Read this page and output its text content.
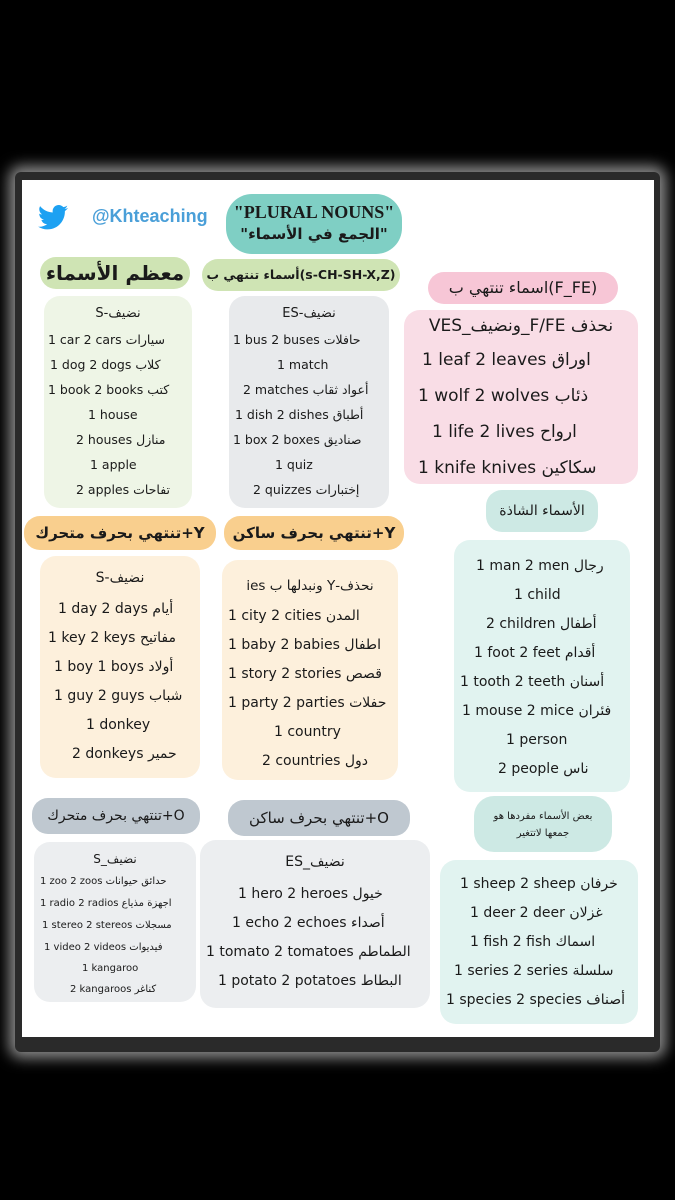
@Khteaching	"PLURAL NOUNS"
"الجمع في الأسماء"
معظم الأسماء
نضيف-S
1 car 2 cars سيارات
1 dog 2 dogs كلاب
1 book 2 books كتب
1 house
2 houses منازل
1 apple
2 apples تفاحات
أسماء تنتهي ب(s-CH-SH-X,Z)
نضيف-ES
1 bus 2 buses حافلات
1 match
2 matches أعواد ثقاب
1 dish 2 dishes أطباق
1 box 2 boxes صناديق
1 quiz
2 quizzes إختبارات
اسماء تنتهي ب(F_FE)
نحذف F/FE_ونضيف_VES
1 leaf 2 leaves اوراق
1 wolf 2 wolves ذئاب
1 life 2 lives ارواح
1 knife knives سكاكين
تنتهي بحرف متحرك+Y
نضيف-S
1 day 2 days أيام
1 key 2 keys مفاتيح
1 boy 1 boys أولاد
1 guy 2 guys شباب
1 donkey
2 donkeys حمير
تنتهي بحرف ساكن+Y
نحذف-Y ونبدلها ب ies
1 city 2 cities المدن
1 baby 2 babies اطفال
1 story 2 stories قصص
1 party 2 parties حفلات
1 country
2 countries دول
الأسماء الشاذة
1 man 2 men رجال
1 child
2 children أطفال
1 foot 2 feet أقدام
1 tooth 2 teeth أسنان
1 mouse 2 mice فئران
1 person
2 people ناس
تنتهي بحرف متحرك+O
نضيف_S
1 zoo 2 zoos حدائق حيوانات
1 radio 2 radios اجهزة مذياع
1 stereo 2 stereos مسجلات
1 video 2 videos فيديوات
1 kangaroo
2 kangaroos كناغر
تنتهي بحرف ساكن+O
نضيف_ES
1 hero 2 heroes خيول
1 echo 2 echoes أصداء
1 tomato 2 tomatoes الطماطم
1 potato 2 potatoes البطاط
بعض الأسماء مفردها هو جمعها لاتتغير
1 sheep 2 sheep خرفان
1 deer 2 deer غزلان
1 fish 2 fish اسماك
1 series 2 series سلسلة
1 species 2 species أصناف
